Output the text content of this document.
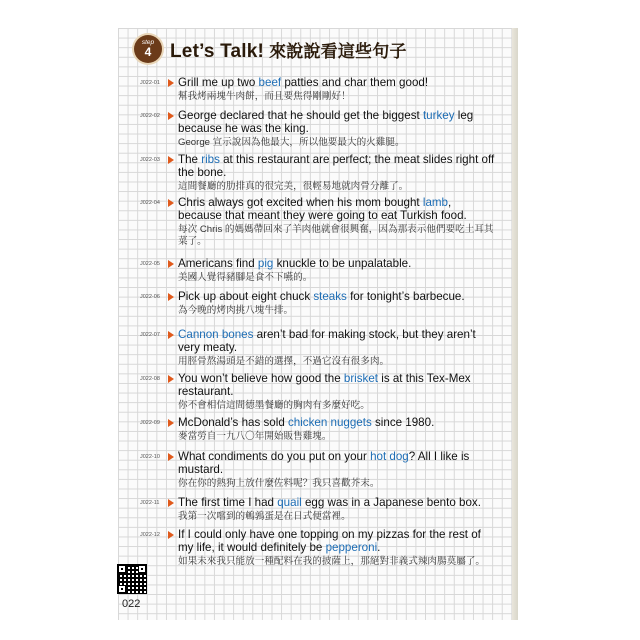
step
4 Let’s Talk! 來說說看這些句子
J022-01 Grill me up two beef patties and char them good!
幫我烤兩塊牛肉餅，而且要焦得剛剛好！
J022-02 George declared that he should get the biggest turkey leg because he was the king.
George 宣示說因為他最大，所以他要最大的火雞腿。
J022-03 The ribs at this restaurant are perfect; the meat slides right off the bone.
這間餐廳的肋排真的很完美，很輕易地就肉骨分離了。
J022-04 Chris always got excited when his mom bought lamb, because that meant they were going to eat Turkish food.
每次 Chris 的媽媽帶回來了羊肉他就會很興奮，因為那表示他們要吃土耳其菜了。
J022-05 Americans find pig knuckle to be unpalatable.
美國人覺得豬腳是食不下嚥的。
J022-06 Pick up about eight chuck steaks for tonight’s barbecue.
為今晚的烤肉挑八塊牛排。
J022-07 Cannon bones aren’t bad for making stock, but they aren’t very meaty.
用脛骨熬湯頭是不錯的選擇，不過它沒有很多肉。
J022-08 You won’t believe how good the brisket is at this Tex-Mex restaurant.
你不會相信這間德墨餐廳的胸肉有多麼好吃。
J022-09 McDonald’s has sold chicken nuggets since 1980.
麥當勞自一九八〇年開始販售雞塊。
J022-10 What condiments do you put on your hot dog? All I like is mustard.
你在你的熱狗上放什麼佐料呢？我只喜歡芥末。
J022-11 The first time I had quail egg was in a Japanese bento box.
我第一次嚐到的鵪鶉蛋是在日式便當裡。
J022-12 If I could only have one topping on my pizzas for the rest of my life, it would definitely be pepperoni.
如果未來我只能放一種配料在我的披薩上，那絕對非義式辣肉腸莫屬了。
022
